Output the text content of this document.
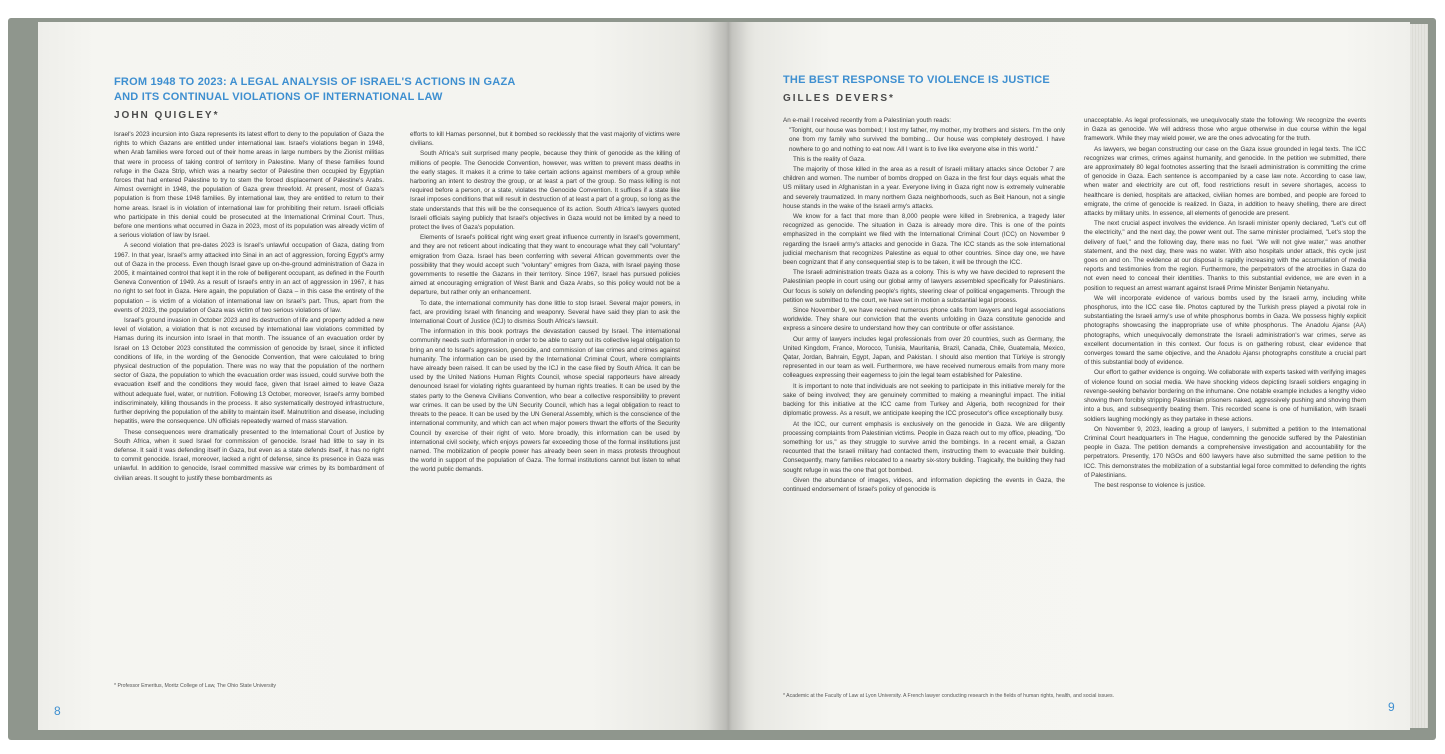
FROM 1948 TO 2023: A LEGAL ANALYSIS OF ISRAEL'S ACTIONS IN GAZA

AND ITS CONTINUAL VIOLATIONS OF INTERNATIONAL LAW

JOHN QUIGLEY*

Israel's 2023 incursion into Gaza represents its latest effort to deny to the population of Gaza the rights to which Gazans are entitled under international law. Israel's violations began in 1948, when Arab families were forced out of their home areas in large numbers by the Zionist militias that were in process of taking control of territory in Palestine. Many of these families found refuge in the Gaza Strip, which was a nearby sector of Palestine then occupied by Egyptian forces that had entered Palestine to try to stem the forced displacement of Palestine's Arabs. Almost overnight in 1948, the population of Gaza grew threefold. At present, most of Gaza's population is from these 1948 families. By international law, they are entitled to return to their home areas. Israel is in violation of international law for prohibiting their return. Israeli officials who participate in this denial could be prosecuted at the International Criminal Court. Thus, before one mentions what occurred in Gaza in 2023, most of its population was already victim of a serious violation of law by Israel.

A second violation that pre-dates 2023 is Israel's unlawful occupation of Gaza, dating from 1967. In that year, Israel's army attacked into Sinai in an act of aggression, forcing Egypt's army out of Gaza in the process. Even though Israel gave up on-the-ground administration of Gaza in 2005, it maintained control that kept it in the role of belligerent occupant, as defined in the Fourth Geneva Convention of 1949. As a result of Israel's entry in an act of aggression in 1967, it has no right to set foot in Gaza. Here again, the population of Gaza – in this case the entirety of the population – is victim of a violation of international law on Israel's part. Thus, apart from the events of 2023, the population of Gaza was victim of two serious violations of law.

Israel's ground invasion in October 2023 and its destruction of life and property added a new level of violation, a violation that is not excused by international law violations committed by Hamas during its incursion into Israel in that month. The issuance of an evacuation order by Israel on 13 October 2023 constituted the commission of genocide by Israel, since it inflicted conditions of life, in the wording of the Genocide Convention, that were calculated to bring physical destruction of the population. There was no way that the population of the northern sector of Gaza, the population to which the evacuation order was issued, could survive both the evacuation itself and the conditions they would face, given that Israel aimed to leave Gaza without adequate fuel, water, or nutrition. Following 13 October, moreover, Israel's army bombed indiscriminately, killing thousands in the process. It also systematically destroyed infrastructure, further depriving the population of the ability to maintain itself. Malnutrition and disease, including hepatitis, were the consequence. UN officials repeatedly warned of mass starvation.

These consequences were dramatically presented to the International Court of Justice by South Africa, when it sued Israel for commission of genocide. Israel had little to say in its defense. It said it was defending itself in Gaza, but even as a state defends itself, it has no right to commit genocide. Israel, moreover, lacked a right of defense, since its presence in Gaza was unlawful. In addition to genocide, Israel committed massive war crimes by its bombardment of civilian areas. It sought to justify these bombardments as

efforts to kill Hamas personnel, but it bombed so recklessly that the vast majority of victims were civilians.

South Africa's suit surprised many people, because they think of genocide as the killing of millions of people. The Genocide Convention, however, was written to prevent mass deaths in the early stages. It makes it a crime to take certain actions against members of a group while harboring an intent to destroy the group, or at least a part of the group. So mass killing is not required before a person, or a state, violates the Genocide Convention. It suffices if a state like Israel imposes conditions that will result in destruction of at least a part of a group, so long as the state understands that this will be the consequence of its action. South Africa's lawyers quoted Israeli officials saying publicly that Israel's objectives in Gaza would not be limited by a need to protect the lives of Gaza's population.

Elements of Israel's political right wing exert great influence currently in Israel's government, and they are not reticent about indicating that they want to encourage what they call "voluntary" emigration from Gaza. Israel has been conferring with several African governments over the possibility that they would accept such "voluntary" emigres from Gaza, with Israel paying those governments to resettle the Gazans in their territory. Since 1967, Israel has pursued policies aimed at encouraging emigration of West Bank and Gaza Arabs, so this policy would not be a departure, but rather only an enhancement.

To date, the international community has done little to stop Israel. Several major powers, in fact, are providing Israel with financing and weaponry. Several have said they plan to ask the International Court of Justice (ICJ) to dismiss South Africa's lawsuit.

The information in this book portrays the devastation caused by Israel. The international community needs such information in order to be able to carry out its collective legal obligation to bring an end to Israel's aggression, genocide, and commission of law crimes and crimes against humanity. The information can be used by the International Criminal Court, where complaints have already been raised. It can be used by the ICJ in the case filed by South Africa. It can be used by the United Nations Human Rights Council, whose special rapporteurs have already denounced Israel for violating rights guaranteed by human rights treaties. It can be used by the states party to the Geneva Civilians Convention, who bear a collective responsibility to prevent war crimes. It can be used by the UN Security Council, which has a legal obligation to react to threats to the peace. It can be used by the UN General Assembly, which is the conscience of the international community, and which can act when major powers thwart the efforts of the Security Council by exercise of their right of veto. More broadly, this information can be used by international civil society, which enjoys powers far exceeding those of the formal institutions just named. The mobilization of people power has already been seen in mass protests throughout the world in support of the population of Gaza. The formal institutions cannot but listen to what the world public demands.

* Professor Emeritus, Moritz College of Law, The Ohio State University

8

THE BEST RESPONSE TO VIOLENCE IS JUSTICE

GILLES DEVERS*

An e-mail I received recently from a Palestinian youth reads:

"Tonight, our house was bombed; I lost my father, my mother, my brothers and sisters. I'm the only one from my family who survived the bombing... Our house was completely destroyed. I have nowhere to go and nothing to eat now. All I want is to live like everyone else in this world."

This is the reality of Gaza.

The majority of those killed in the area as a result of Israeli military attacks since October 7 are children and women. The number of bombs dropped on Gaza in the first four days equals what the US military used in Afghanistan in a year. Everyone living in Gaza right now is extremely vulnerable and severely traumatized. In many northern Gaza neighborhoods, such as Beit Hanoun, not a single house stands in the wake of the Israeli army's attacks.

We know for a fact that more than 8,000 people were killed in Srebrenica, a tragedy later recognized as genocide. The situation in Gaza is already more dire. This is one of the points emphasized in the complaint we filed with the International Criminal Court (ICC) on November 9 regarding the Israeli army's attacks and genocide in Gaza. The ICC stands as the sole international judicial mechanism that recognizes Palestine as equal to other countries. Since day one, we have been cognizant that if any consequential step is to be taken, it will be through the ICC.

The Israeli administration treats Gaza as a colony. This is why we have decided to represent the Palestinian people in court using our global army of lawyers assembled specifically for Palestinians. Our focus is solely on defending people's rights, steering clear of political engagements. Through the petition we submitted to the court, we have set in motion a substantial legal process.

Since November 9, we have received numerous phone calls from lawyers and legal associations worldwide. They share our conviction that the events unfolding in Gaza constitute genocide and express a sincere desire to understand how they can contribute or offer assistance.

Our army of lawyers includes legal professionals from over 20 countries, such as Germany, the United Kingdom, France, Morocco, Tunisia, Mauritania, Brazil, Canada, Chile, Guatemala, Mexico, Qatar, Jordan, Bahrain, Egypt, Japan, and Pakistan. I should also mention that Türkiye is strongly represented in our team as well. Furthermore, we have received numerous emails from many more colleagues expressing their eagerness to join the legal team established for Palestine.

It is important to note that individuals are not seeking to participate in this initiative merely for the sake of being involved; they are genuinely committed to making a meaningful impact. The initial backing for this initiative at the ICC came from Turkey and Algeria, both recognized for their diplomatic prowess. As a result, we anticipate keeping the ICC prosecutor's office exceptionally busy.

At the ICC, our current emphasis is exclusively on the genocide in Gaza. We are diligently processing complaints from Palestinian victims. People in Gaza reach out to my office, pleading, "Do something for us," as they struggle to survive amid the bombings. In a recent email, a Gazan recounted that the Israeli military had contacted them, instructing them to evacuate their building. Consequently, many families relocated to a nearby six-story building. Tragically, the building they had sought refuge in was the one that got bombed.

Given the abundance of images, videos, and information depicting the events in Gaza, the continued endorsement of Israel's policy of genocide is

unacceptable. As legal professionals, we unequivocally state the following: We recognize the events in Gaza as genocide. We will address those who argue otherwise in due course within the legal framework. While they may wield power, we are the ones advocating for the truth.

As lawyers, we began constructing our case on the Gaza issue grounded in legal texts. The ICC recognizes war crimes, crimes against humanity, and genocide. In the petition we submitted, there are approximately 80 legal footnotes asserting that the Israeli administration is committing the crime of genocide in Gaza. Each sentence is accompanied by a case law note. According to case law, when water and electricity are cut off, food restrictions result in severe shortages, access to healthcare is denied, hospitals are attacked, civilian homes are bombed, and people are forced to emigrate, the crime of genocide is realized. In Gaza, in addition to heavy shelling, there are direct attacks by military units. In essence, all elements of genocide are present.

The next crucial aspect involves the evidence. An Israeli minister openly declared, "Let's cut off the electricity," and the next day, the power went out. The same minister proclaimed, "Let's stop the delivery of fuel," and the following day, there was no fuel. "We will not give water," was another statement, and the next day, there was no water. With also hospitals under attack, this cycle just goes on and on. The evidence at our disposal is rapidly increasing with the accumulation of media reports and testimonies from the region. Furthermore, the perpetrators of the atrocities in Gaza do not even need to conceal their identities. Thanks to this substantial evidence, we are even in a position to request an arrest warrant against Israeli Prime Minister Benjamin Netanyahu.

We will incorporate evidence of various bombs used by the Israeli army, including white phosphorus, into the ICC case file. Photos captured by the Turkish press played a pivotal role in substantiating the Israeli army's use of white phosphorus bombs in Gaza. We possess highly explicit photographs showcasing the inappropriate use of white phosphorus. The Anadolu Ajansı (AA) photographs, which unequivocally demonstrate the Israeli administration's war crimes, serve as excellent documentation in this context. Our focus is on gathering robust, clear evidence that converges toward the same objective, and the Anadolu Ajansı photographs constitute a crucial part of this substantial body of evidence.

Our effort to gather evidence is ongoing. We collaborate with experts tasked with verifying images of violence found on social media. We have shocking videos depicting Israeli soldiers engaging in revenge-seeking behavior bordering on the inhumane. One notable example includes a lengthy video showing them forcibly stripping Palestinian prisoners naked, aggressively pushing and shoving them into a bus, and subsequently beating them. This recorded scene is one of humiliation, with Israeli soldiers laughing mockingly as they partake in these actions.

On November 9, 2023, leading a group of lawyers, I submitted a petition to the International Criminal Court headquarters in The Hague, condemning the genocide suffered by the Palestinian people in Gaza. The petition demands a comprehensive investigation and accountability for the perpetrators. Presently, 170 NGOs and 600 lawyers have also submitted the same petition to the ICC. This demonstrates the mobilization of a substantial legal force committed to defending the rights of Palestinians.

The best response to violence is justice.

* Academic at the Faculty of Law at Lyon University. A French lawyer conducting research in the fields of human rights, health, and social issues.

9
